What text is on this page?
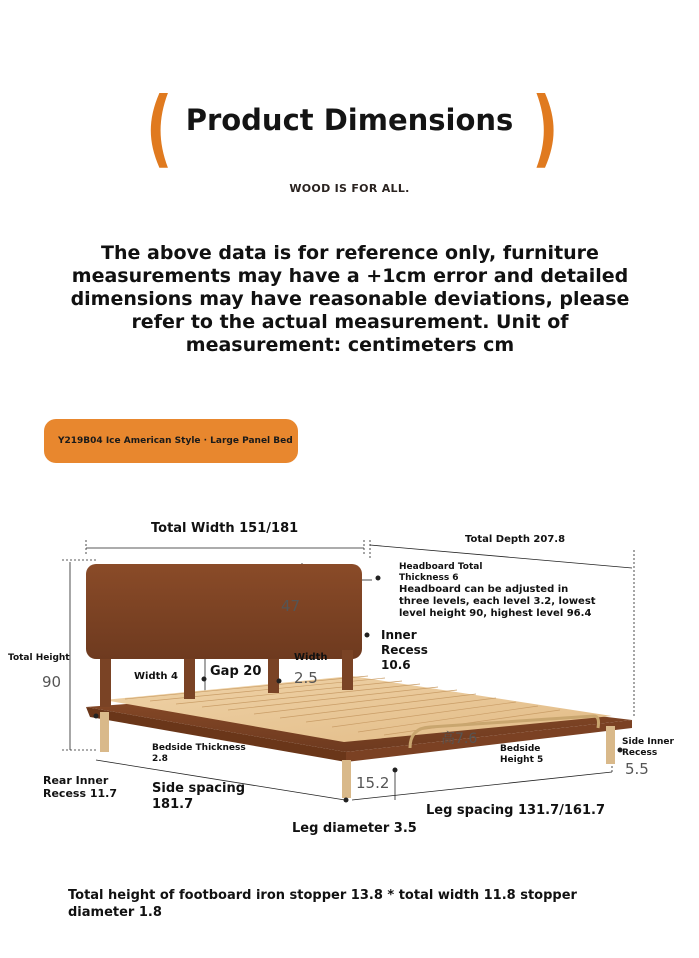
(	)
Product Dimensions
WOOD IS FOR ALL.
The above data is for reference only, furniture measurements may have a +1cm error and detailed dimensions may have reasonable deviations, please refer to the actual measurement. Unit of measurement: centimeters cm
Y219B04 Ice American Style · Large Panel Bed
Total Width 151/181
Total Depth 207.8
Headboard Total Thickness 6
Headboard can be adjusted in three levels, each level 3.2, lowest level height 90, highest level 96.4
Inner Recess 10.6
Total Height
90
47
Width 4 Gap 20
Width
2.5
Bedside Thickness 2.8
高7.6
Bedside Height 5
Side Inner Recess
5.5
Rear Inner Recess 11.7	Side spacing 181.7
15.2
Leg spacing 131.7/161.7
Leg diameter 3.5
Total height of footboard iron stopper 13.8 * total width 11.8 stopper diameter 1.8
